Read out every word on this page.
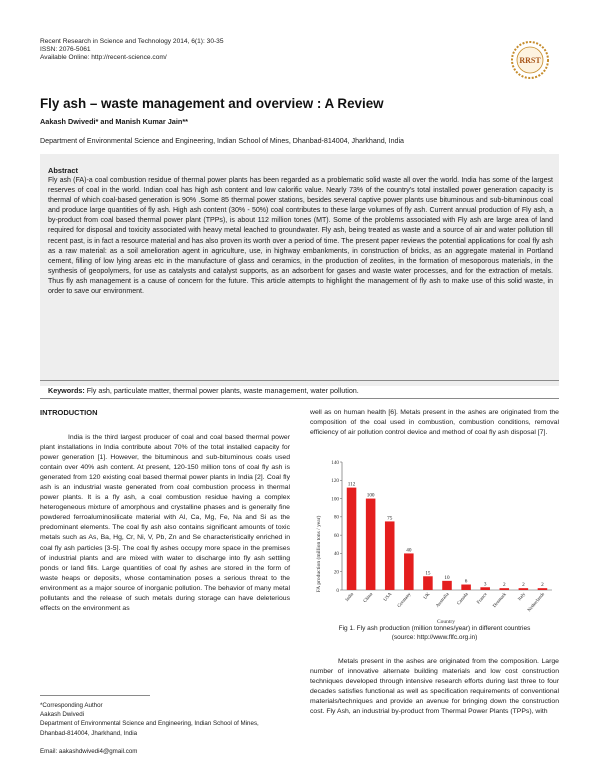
Recent Research in Science and Technology 2014, 6(1): 30-35
ISSN: 2076-5061
Available Online: http://recent-science.com/	RRST
Fly ash – waste management and overview : A Review
Aakash Dwivedi* and Manish Kumar Jain**
Department of Environmental Science and Engineering, Indian School of Mines, Dhanbad-814004, Jharkhand, India
Abstract
Fly ash (FA)-a coal combustion residue of thermal power plants has been regarded as a problematic solid waste all over the world. India has some of the largest reserves of coal in the world. Indian coal has high ash content and low calorific value. Nearly 73% of the country's total installed power generation capacity is thermal of which coal-based generation is 90% .Some 85 thermal power stations, besides several captive power plants use bituminous and sub-bituminous coal and produce large quantities of fly ash. High ash content (30% - 50%) coal contributes to these large volumes of fly ash. Current annual production of Fly ash, a by-product from coal based thermal power plant (TPPs), is about 112 million tones (MT). Some of the problems associated with Fly ash are large area of land required for disposal and toxicity associated with heavy metal leached to groundwater. Fly ash, being treated as waste and a source of air and water pollution till recent past, is in fact a resource material and has also proven its worth over a period of time. The present paper reviews the potential applications for coal fly ash as a raw material: as a soil amelioration agent in agriculture, use, in highway embankments, in construction of bricks, as an aggregate material in Portland cement, filling of low lying areas etc in the manufacture of glass and ceramics, in the production of zeolites, in the formation of mesoporous materials, in the synthesis of geopolymers, for use as catalysts and catalyst supports, as an adsorbent for gases and waste water processes, and for the extraction of metals. Thus fly ash management is a cause of concern for the future. This article attempts to highlight the management of fly ash to make use of this solid waste, in order to save our environment.
Keywords: Fly ash, particulate matter, thermal power plants, waste management, water pollution.
INTRODUCTION
India is the third largest producer of coal and coal based thermal power plant installations in India contribute about 70% of the total installed capacity for power generation [1]. However, the bituminous and sub-bituminous coals used contain over 40% ash content. At present, 120-150 million tons of coal fly ash is generated from 120 existing coal based thermal power plants in India [2]. Coal fly ash is an industrial waste generated from coal combustion process in thermal power plants. It is a fly ash, a coal combustion residue having a complex heterogeneous mixture of amorphous and crystalline phases and is generally fine powdered ferroaluminosilicate material with Al, Ca, Mg, Fe, Na and Si as the predominant elements. The coal fly ash also contains significant amounts of toxic metals such as As, Ba, Hg, Cr, Ni, V, Pb, Zn and Se characteristically enriched in coal fly ash particles [3-5]. The coal fly ashes occupy more space in the premises of industrial plants and are mixed with water to discharge into fly ash settling ponds or land fills. Large quantities of coal fly ashes are stored in the form of waste heaps or deposits, whose contamination poses a serious threat to the environment as a major source of inorganic pollution. The behavior of many metal pollutants and the release of such metals during storage can have deleterious effects on the environment as
well as on human health [6]. Metals present in the ashes are originated from the composition of the coal used in combustion, combustion conditions, removal efficiency of air pollution control device and method of coal fly ash disposal [7].
0
20
40
60
80
100
120
140
112
India
100
China
75
USA
40
Germany
15
UK
10
Australia
6
Canada
3
France
2
Denmark
2
Italy
2
Netherlands
FA production (million tons / year)
Country
Fig 1. Fly ash production (million tonnes/year) in different countries
(source: http://www.flfc.org.in)
Metals present in the ashes are originated from the composition. Large number of innovative alternate building materials and low cost construction techniques developed through intensive research efforts during last three to four decades satisfies functional as well as specification requirements of conventional materials/techniques and provide an avenue for bringing down the construction cost. Fly Ash, an industrial by-product from Thermal Power Plants (TPPs), with
*Corresponding Author
Aakash Dwivedi
Department of Environmental Science and Engineering, Indian School of Mines,
Dhanbad-814004, Jharkhand, India
Email: aakashdwivedi4@gmail.com
